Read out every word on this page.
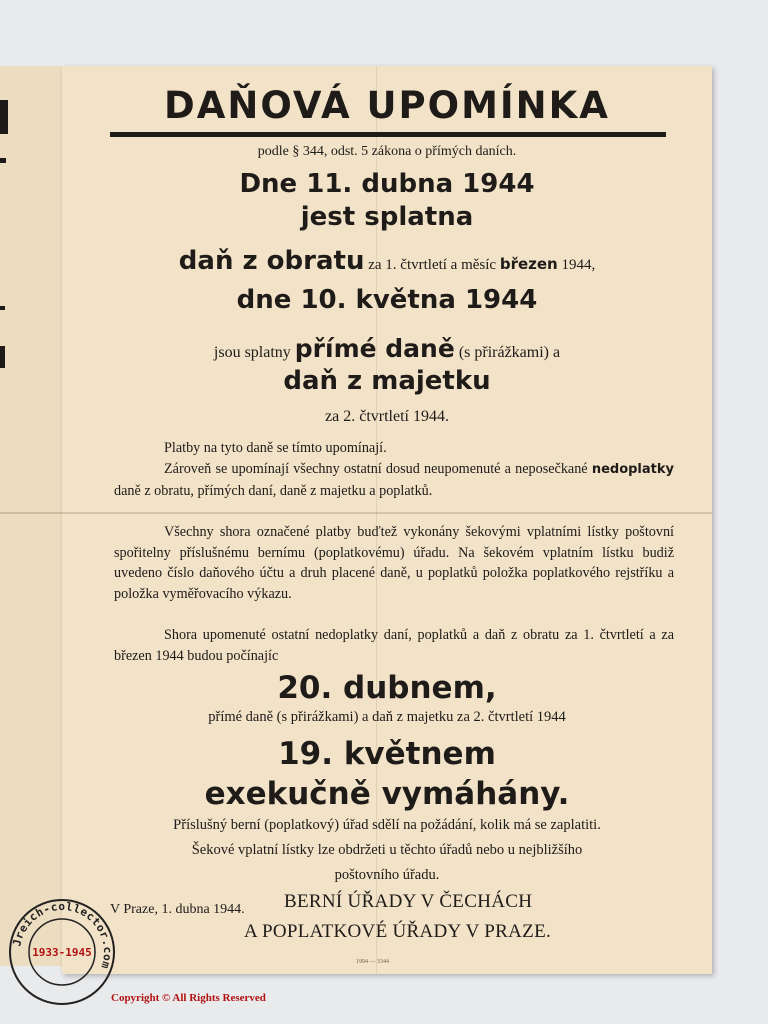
DAŇOVÁ UPOMÍNKA
podle § 344, odst. 5 zákona o přímých daních.
Dne 11. dubna 1944
jest splatna
daň z obratu za 1. čtvrtletí a měsíc březen 1944,
dne 10. května 1944
jsou splatny přímé daně (s přirážkami) a
daň z majetku
za 2. čtvrtletí 1944.
Platby na tyto daně se tímto upomínají.
Zároveň se upomínají všechny ostatní dosud neupomenuté a neposečkané nedoplatky daně z obratu, přímých daní, daně z majetku a poplatků.
Všechny shora označené platby buďtež vykonány šekovými vplatními lístky poštovní spořitelny příslušnému bernímu (poplatkovému) úřadu. Na šekovém vplatním lístku budiž uvedeno číslo daňového účtu a druh placené daně, u poplatků položka poplatkového rejstříku a položka vyměřovacího výkazu.
Shora upomenuté ostatní nedoplatky daní, poplatků a daň z obratu za 1. čtvrtletí a za březen 1944 budou počínajíc
20. dubnem,
přímé daně (s přirážkami) a daň z majetku za 2. čtvrtletí 1944
19. květnem
exekučně vymáhány.
Příslušný berní (poplatkový) úřad sdělí na požádání, kolik má se zaplatiti.
Šekové vplatní lístky lze obdržeti u těchto úřadů nebo u nejbližšího
poštovního úřadu.
V Praze, 1. dubna 1944. BERNÍ ÚŘADY V ČECHÁCH
A POPLATKOVÉ ÚŘADY V PRAZE.
1994 — 3344
Jreich-collector.com
1933-1945
Copyright © All Rights Reserved
